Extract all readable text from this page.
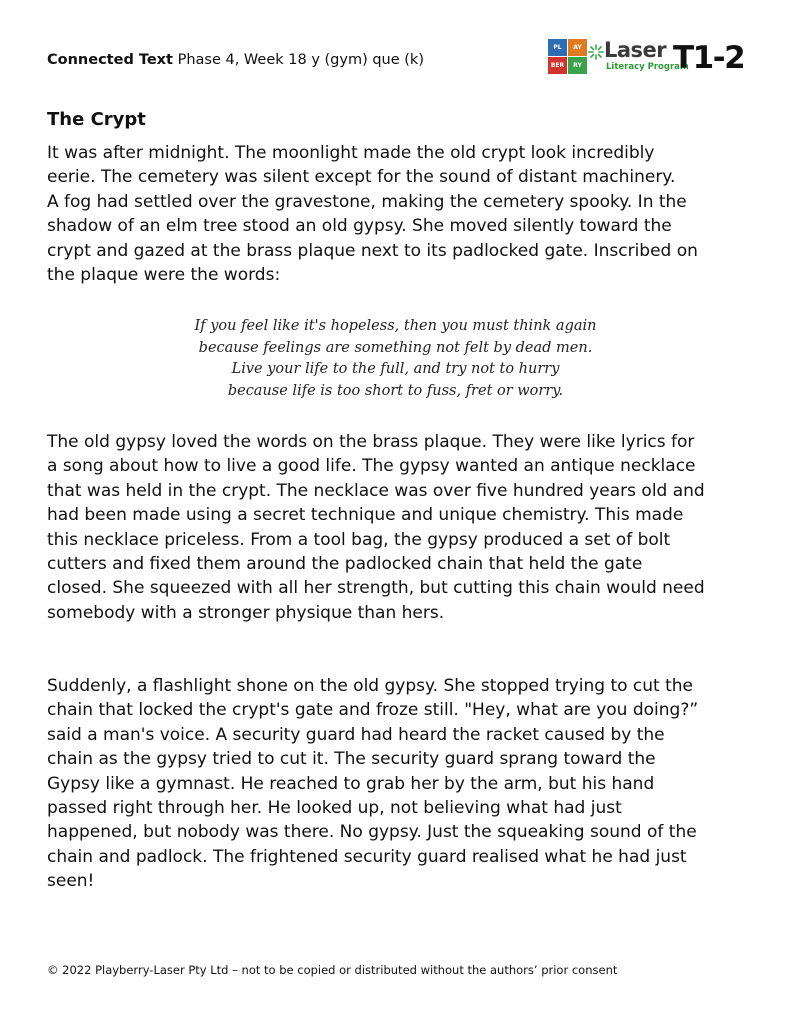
Connected Text Phase 4, Week 18 y (gym) que (k)
PL	AY
BER	RY
Laser
Literacy Program
T1-2
The Crypt

It was after midnight. The moonlight made the old crypt look incredibly
eerie. The cemetery was silent except for the sound of distant machinery.
A fog had settled over the gravestone, making the cemetery spooky. In the
shadow of an elm tree stood an old gypsy. She moved silently toward the
crypt and gazed at the brass plaque next to its padlocked gate. Inscribed on
the plaque were the words:

If you feel like it's hopeless, then you must think again
because feelings are something not felt by dead men.
Live your life to the full, and try not to hurry
because life is too short to fuss, fret or worry.

The old gypsy loved the words on the brass plaque. They were like lyrics for
a song about how to live a good life. The gypsy wanted an antique necklace
that was held in the crypt. The necklace was over five hundred years old and
had been made using a secret technique and unique chemistry. This made
this necklace priceless. From a tool bag, the gypsy produced a set of bolt
cutters and fixed them around the padlocked chain that held the gate
closed. She squeezed with all her strength, but cutting this chain would need
somebody with a stronger physique than hers.

Suddenly, a flashlight shone on the old gypsy. She stopped trying to cut the
chain that locked the crypt's gate and froze still. "Hey, what are you doing?”
said a man's voice. A security guard had heard the racket caused by the
chain as the gypsy tried to cut it. The security guard sprang toward the
Gypsy like a gymnast. He reached to grab her by the arm, but his hand
passed right through her. He looked up, not believing what had just
happened, but nobody was there. No gypsy. Just the squeaking sound of the
chain and padlock. The frightened security guard realised what he had just
seen!

© 2022 Playberry-Laser Pty Ltd – not to be copied or distributed without the authors’ prior consent
